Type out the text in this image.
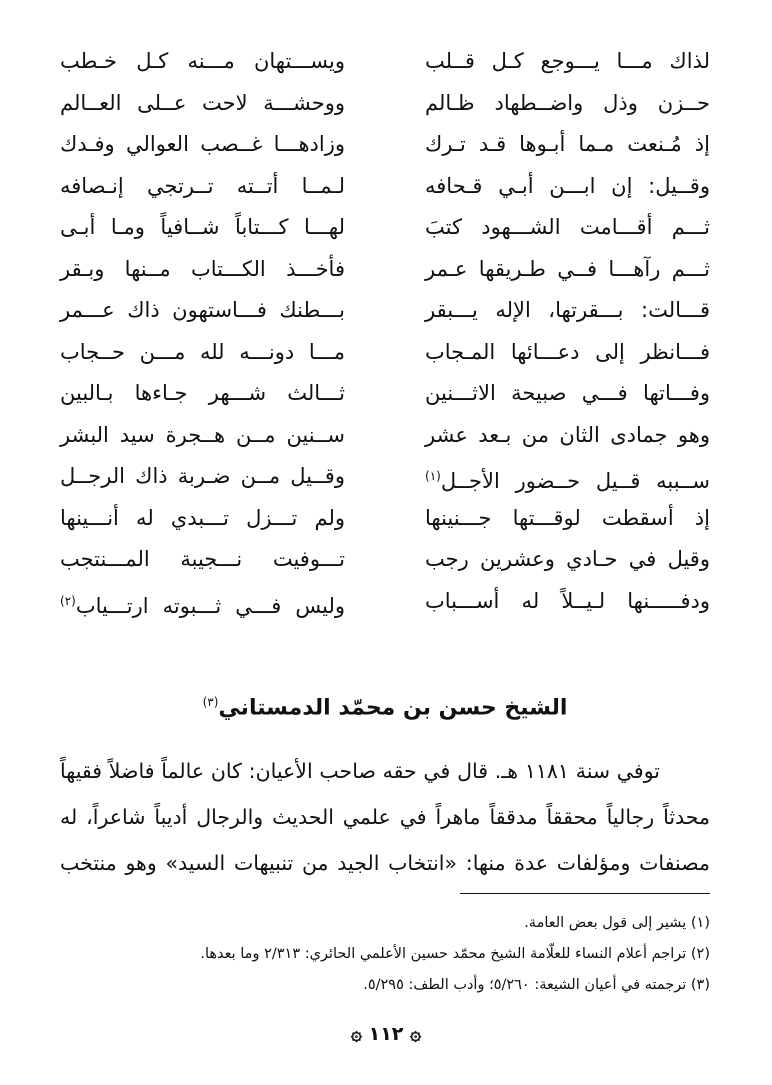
لذاك مـــا يـــوجع كـل قــلب
ويســـتهان مـــنه كـل خـطب
حــزن وذل واضــطهاد ظـالم
ووحشـــة لاحت عــلى العــالم
إذ مُـنعت مـما أبـوها قـد تـرك
وزادهـــا غــصب العوالي وفـدك
وقــيل: إن ابـــن أبـي قـحافه
لـمــا أتــته تــرتجي إنـصافه
ثـــم أقـــامت الشـــهود كتبَ
لهـــا كـــتاباً شــافياً ومـا أبـى
ثـــم رآهـــا فــي طـريقها عـمر
فأخـــذ الكـــتاب مــنها وبـقر
قـــالت: بـــقرتها، الإله يـــبقر
بـــطنك فـــاستهون ذاك عـــمر
فـــانظر إلى دعـــائها المـجاب
مـــا دونـــه لله مـــن حــجاب
وفـــاتها فـــي صبيحة الاثـــنين
ثـــالث شـــهر جـاءها بـالبين
وهو جمادى الثان من بـعد عشر
ســنين مــن هــجرة سيد البشر
ســببه قــيل حــضور الأجــل$^{(١)}$
وقــيل مــن ضـربة ذاك الرجــل
إذ أسقطت لوقـــتها جـــنينها
ولم تـــزل تـــبدي له أنـــينها
وقيل في حـادي وعشرين رجب
تـــوفيت نـــجيبة المـــنتجب
ودفـــــنها لـيــلاً له أســـباب
وليس فـــي ثـــبوته ارتـــياب$^{(٢)}$
الشيخ حسن بن محمّد الدمستاني$^{(٣)}$
توفي سنة ١١٨١ هـ. قال في حقه صاحب الأعيان: كان عالماً فاضلاً فقيهاً
محدثاً رجالياً محققاً مدققاً ماهراً في علمي الحديث والرجال أديباً شاعراً، له
مصنفات ومؤلفات عدة منها: «انتخاب الجيد من تنبيهات السيد» وهو منتخب
(١) يشير إلى قول بعض العامة.
(٢) تراجم أعلام النساء للعلّامة الشيخ محمّد حسين الأعلمي الحائري: ٢/٣١٣ وما بعدها.
(٣) ترجمته في أعيان الشيعة: ٥/٢٦٠؛ وأدب الطف: ٥/٢٩٥.
۞ ١١٢ ۞
